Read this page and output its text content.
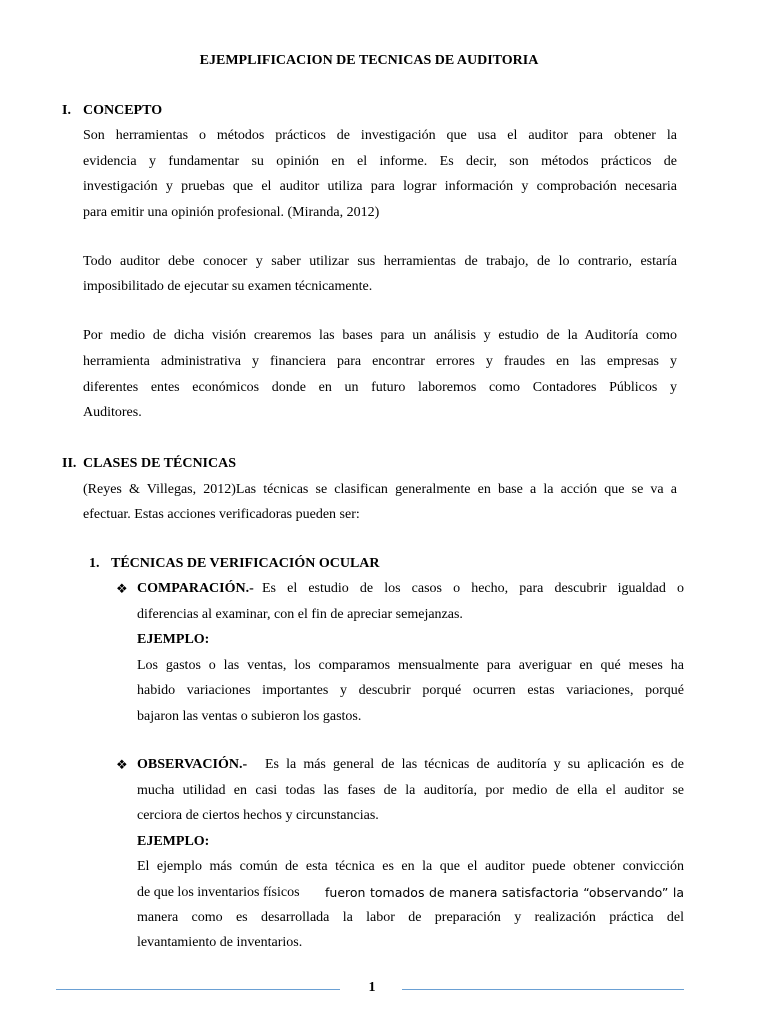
EJEMPLIFICACION DE TECNICAS DE AUDITORIA
I. CONCEPTO
Son herramientas o métodos prácticos de investigación que usa el auditor para obtener la
evidencia y fundamentar su opinión en el informe. Es decir, son métodos prácticos de
investigación y pruebas que el auditor utiliza para lograr información y comprobación necesaria
para emitir una opinión profesional. (Miranda, 2012)
Todo auditor debe conocer y saber utilizar sus herramientas de trabajo, de lo contrario, estaría
imposibilitado de ejecutar su examen técnicamente.
Por medio de dicha visión crearemos las bases para un análisis y estudio de la Auditoría como
herramienta administrativa y financiera para encontrar errores y fraudes en las empresas y
diferentes entes económicos donde en un futuro laboremos como Contadores Públicos y
Auditores.
II. CLASES DE TÉCNICAS
(Reyes & Villegas, 2012)Las técnicas se clasifican generalmente en base a la acción que se va a
efectuar. Estas acciones verificadoras pueden ser:
1. TÉCNICAS DE VERIFICACIÓN OCULAR
❖ COMPARACIÓN.- Es el estudio de los casos o hecho, para descubrir igualdad o
diferencias al examinar, con el fin de apreciar semejanzas.
EJEMPLO:
Los gastos o las ventas, los comparamos mensualmente para averiguar en qué meses ha
habido variaciones importantes y descubrir porqué ocurren estas variaciones, porqué
bajaron las ventas o subieron los gastos.
❖ OBSERVACIÓN.- Es la más general de las técnicas de auditoría y su aplicación es de
mucha utilidad en casi todas las fases de la auditoría, por medio de ella el auditor se
cerciora de ciertos hechos y circunstancias.
EJEMPLO:
El ejemplo más común de esta técnica es en la que el auditor puede obtener convicción
de que los inventarios físicos fueron tomados de manera satisfactoria “observando” la
manera como es desarrollada la labor de preparación y realización práctica del
levantamiento de inventarios.
1
